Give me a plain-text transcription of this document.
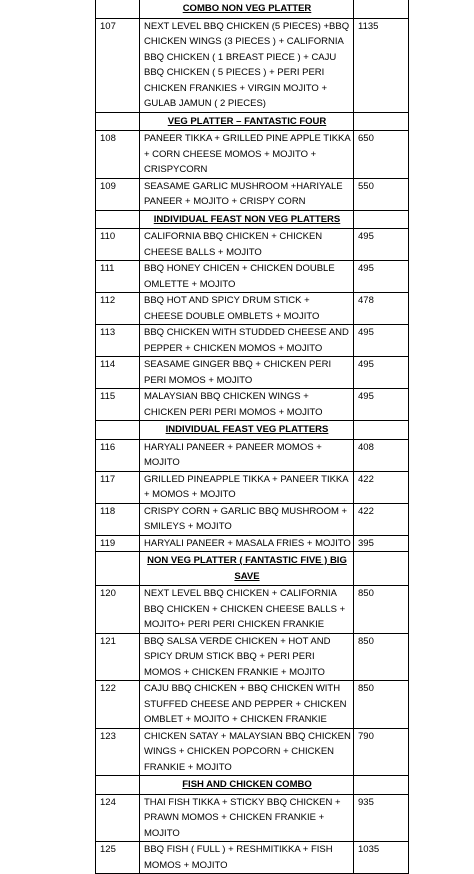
	COMBO NON VEG PLATTER	
107	NEXT LEVEL BBQ CHICKEN (5 PIECES) +BBQ CHICKEN WINGS (3 PIECES ) + CALIFORNIA BBQ CHICKEN ( 1 BREAST PIECE ) + CAJU BBQ CHICKEN ( 5 PIECES ) + PERI PERI CHICKEN FRANKIES + VIRGIN MOJITO + GULAB JAMUN ( 2 PIECES)	1135
	VEG PLATTER – FANTASTIC FOUR	
108	PANEER TIKKA + GRILLED PINE APPLE TIKKA + CORN CHEESE MOMOS + MOJITO + CRISPYCORN	650
109	SEASAME GARLIC MUSHROOM +HARIYALE PANEER + MOJITO + CRISPY CORN	550
	INDIVIDUAL FEAST NON VEG PLATTERS	
110	CALIFORNIA BBQ CHICKEN + CHICKEN CHEESE BALLS + MOJITO	495
111	BBQ HONEY CHICEN + CHICKEN DOUBLE OMLETTE + MOJITO	495
112	BBQ HOT AND SPICY DRUM STICK + CHEESE DOUBLE OMBLETS + MOJITO	478
113	BBQ CHICKEN WITH STUDDED CHEESE AND PEPPER + CHICKEN MOMOS + MOJITO	495
114	SEASAME GINGER BBQ + CHICKEN PERI PERI MOMOS + MOJITO	495
115	MALAYSIAN BBQ CHICKEN WINGS + CHICKEN PERI PERI MOMOS + MOJITO	495
	INDIVIDUAL FEAST VEG PLATTERS	
116	HARYALI PANEER + PANEER MOMOS + MOJITO	408
117	GRILLED PINEAPPLE TIKKA + PANEER TIKKA + MOMOS + MOJITO	422
118	CRISPY CORN + GARLIC BBQ MUSHROOM + SMILEYS + MOJITO	422
119	HARYALI PANEER + MASALA FRIES + MOJITO	395
	NON VEG PLATTER ( FANTASTIC FIVE ) BIG SAVE	
120	NEXT LEVEL BBQ CHICKEN + CALIFORNIA BBQ CHICKEN + CHICKEN CHEESE BALLS + MOJITO+ PERI PERI CHICKEN FRANKIE	850
121	BBQ SALSA VERDE CHICKEN + HOT AND SPICY DRUM STICK BBQ + PERI PERI MOMOS + CHICKEN FRANKIE + MOJITO	850
122	CAJU BBQ CHICKEN + BBQ CHICKEN WITH STUFFED CHEESE AND PEPPER + CHICKEN OMBLET + MOJITO + CHICKEN FRANKIE	850
123	CHICKEN SATAY + MALAYSIAN BBQ CHICKEN WINGS + CHICKEN POPCORN + CHICKEN FRANKIE + MOJITO	790
	FISH AND CHICKEN COMBO	
124	THAI FISH TIKKA + STICKY BBQ CHICKEN + PRAWN MOMOS + CHICKEN FRANKIE + MOJITO	935
125	BBQ FISH ( FULL ) + RESHMITIKKA + FISH MOMOS + MOJITO	1035
